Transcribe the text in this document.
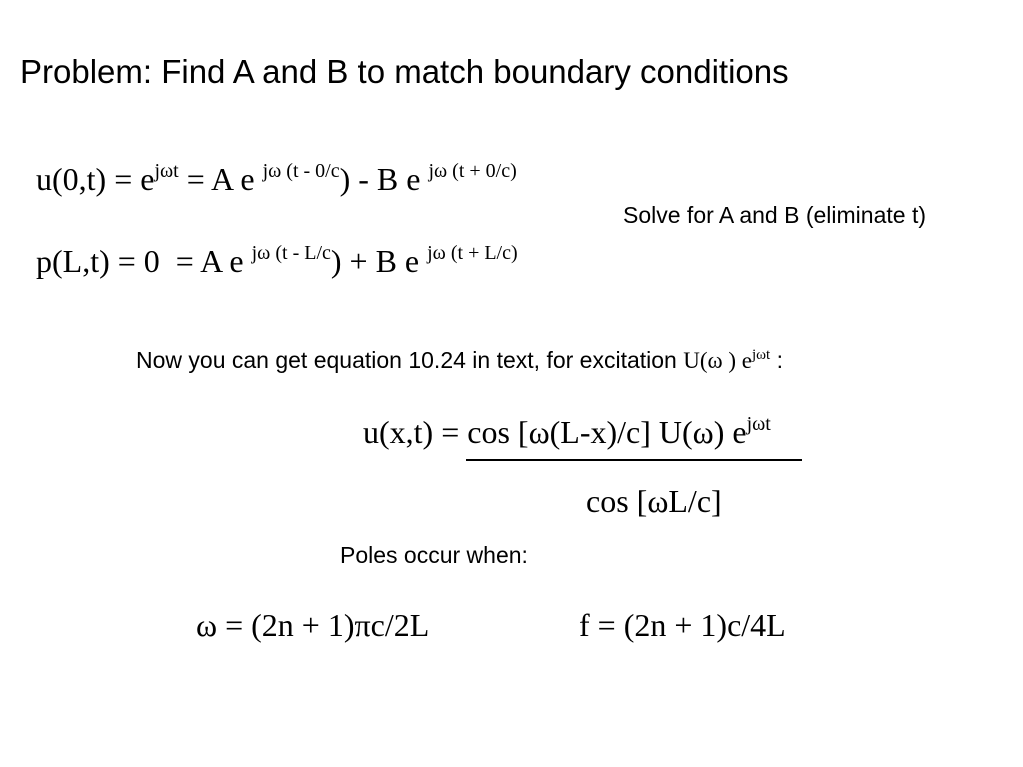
Problem: Find A and B to match boundary conditions
$u(0,t) = e^{j\omega t} = A$ e $^{j\omega (t - 0/c}$) - B e $^{j\omega (t + 0/c)}$
Solve for A and B (eliminate t)
p(L,t) = 0  = A e $^{j\omega (t - L/c}$) + B e $^{j\omega (t + L/c)}$
Now you can get equation 10.24 in text, for excitation U(ω ) $e^{j\omega t}$ :
u(x,t) = cos [ω(L-x)/c] U(ω) $e^{j\omega t}$
cos [ωL/c]
Poles occur when:
ω = (2n + 1)πc/2L	f = (2n + 1)c/4L
